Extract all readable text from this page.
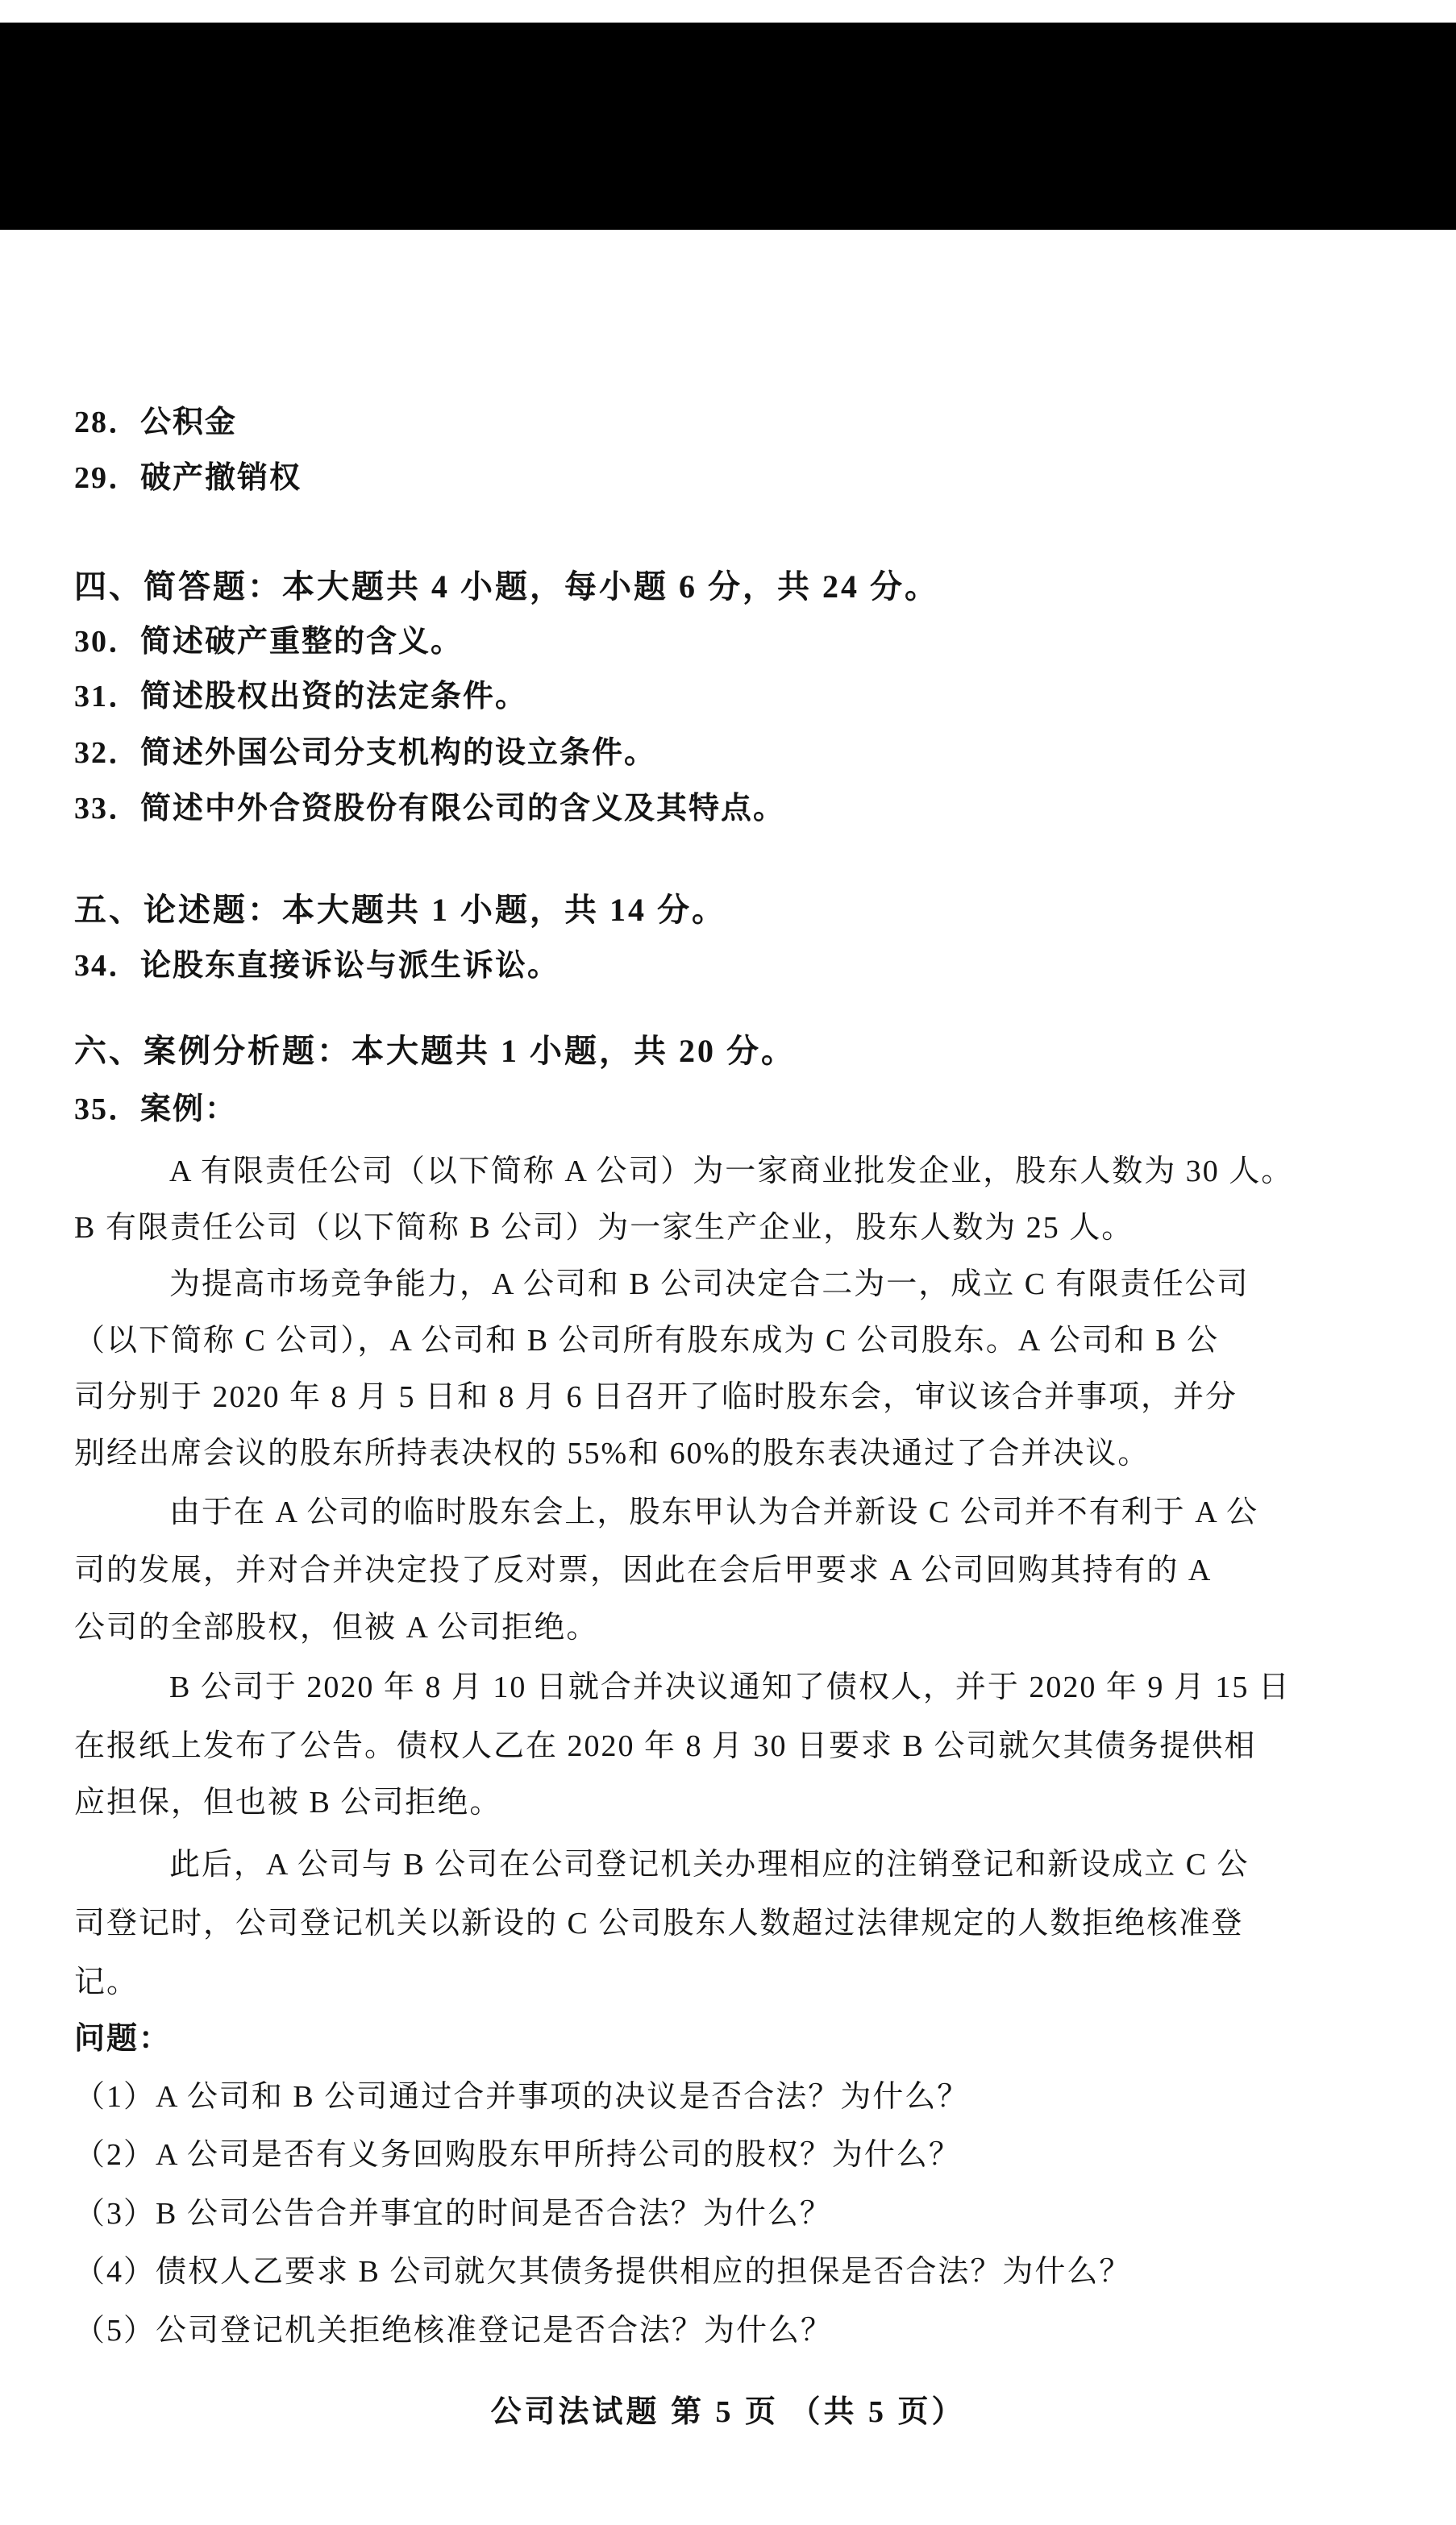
28．公积金
29．破产撤销权
四、简答题：本大题共 4 小题，每小题 6 分，共 24 分。
30．简述破产重整的含义。
31．简述股权出资的法定条件。
32．简述外国公司分支机构的设立条件。
33．简述中外合资股份有限公司的含义及其特点。
五、论述题：本大题共 1 小题，共 14 分。
34．论股东直接诉讼与派生诉讼。
六、案例分析题：本大题共 1 小题，共 20 分。
35．案例：
A 有限责任公司（以下简称 A 公司）为一家商业批发企业，股东人数为 30 人。
B 有限责任公司（以下简称 B 公司）为一家生产企业，股东人数为 25 人。
为提高市场竞争能力，A 公司和 B 公司决定合二为一，成立 C 有限责任公司
（以下简称 C 公司），A 公司和 B 公司所有股东成为 C 公司股东。A 公司和 B 公
司分别于 2020 年 8 月 5 日和 8 月 6 日召开了临时股东会，审议该合并事项，并分
别经出席会议的股东所持表决权的 55%和 60%的股东表决通过了合并决议。
由于在 A 公司的临时股东会上，股东甲认为合并新设 C 公司并不有利于 A 公
司的发展，并对合并决定投了反对票，因此在会后甲要求 A 公司回购其持有的 A
公司的全部股权，但被 A 公司拒绝。
B 公司于 2020 年 8 月 10 日就合并决议通知了债权人，并于 2020 年 9 月 15 日
在报纸上发布了公告。债权人乙在 2020 年 8 月 30 日要求 B 公司就欠其债务提供相
应担保，但也被 B 公司拒绝。
此后，A 公司与 B 公司在公司登记机关办理相应的注销登记和新设成立 C 公
司登记时，公司登记机关以新设的 C 公司股东人数超过法律规定的人数拒绝核准登
记。
问题：
（1）A 公司和 B 公司通过合并事项的决议是否合法？为什么？
（2）A 公司是否有义务回购股东甲所持公司的股权？为什么？
（3）B 公司公告合并事宜的时间是否合法？为什么？
（4）债权人乙要求 B 公司就欠其债务提供相应的担保是否合法？为什么？
（5）公司登记机关拒绝核准登记是否合法？为什么？
公司法试题 第 5 页 （共 5 页）
